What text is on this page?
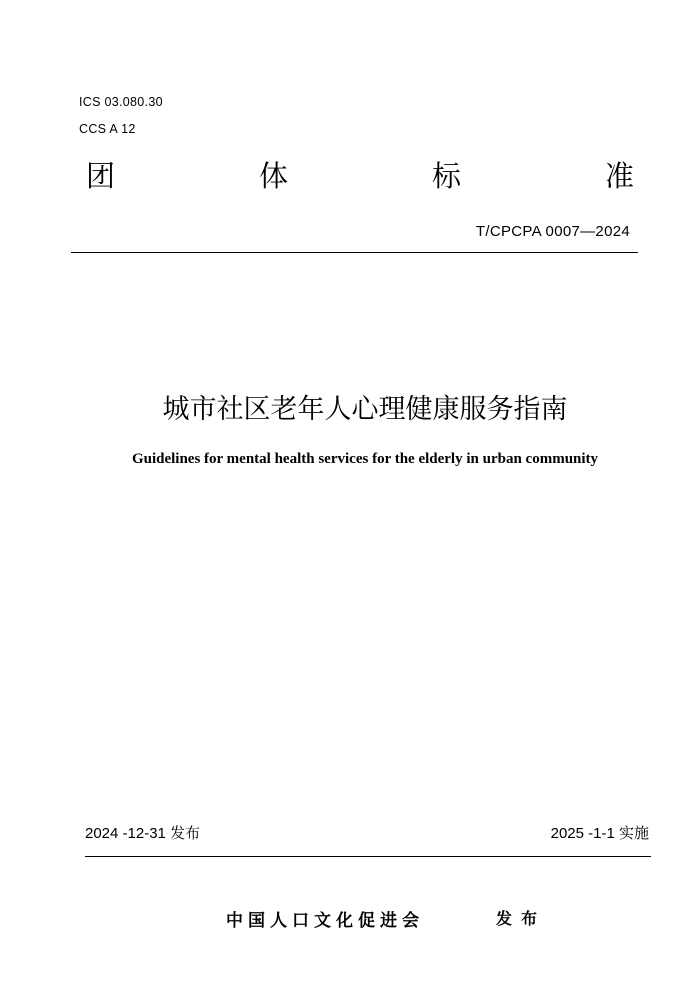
ICS 03.080.30
CCS A 12
团	体	标	准
T/CPCPA 0007—2024
城市社区老年人心理健康服务指南
Guidelines for mental health services for the elderly in urban community
2024 -12-31 发布	2025 -1-1 实施
中国人口文化促进会	发布
